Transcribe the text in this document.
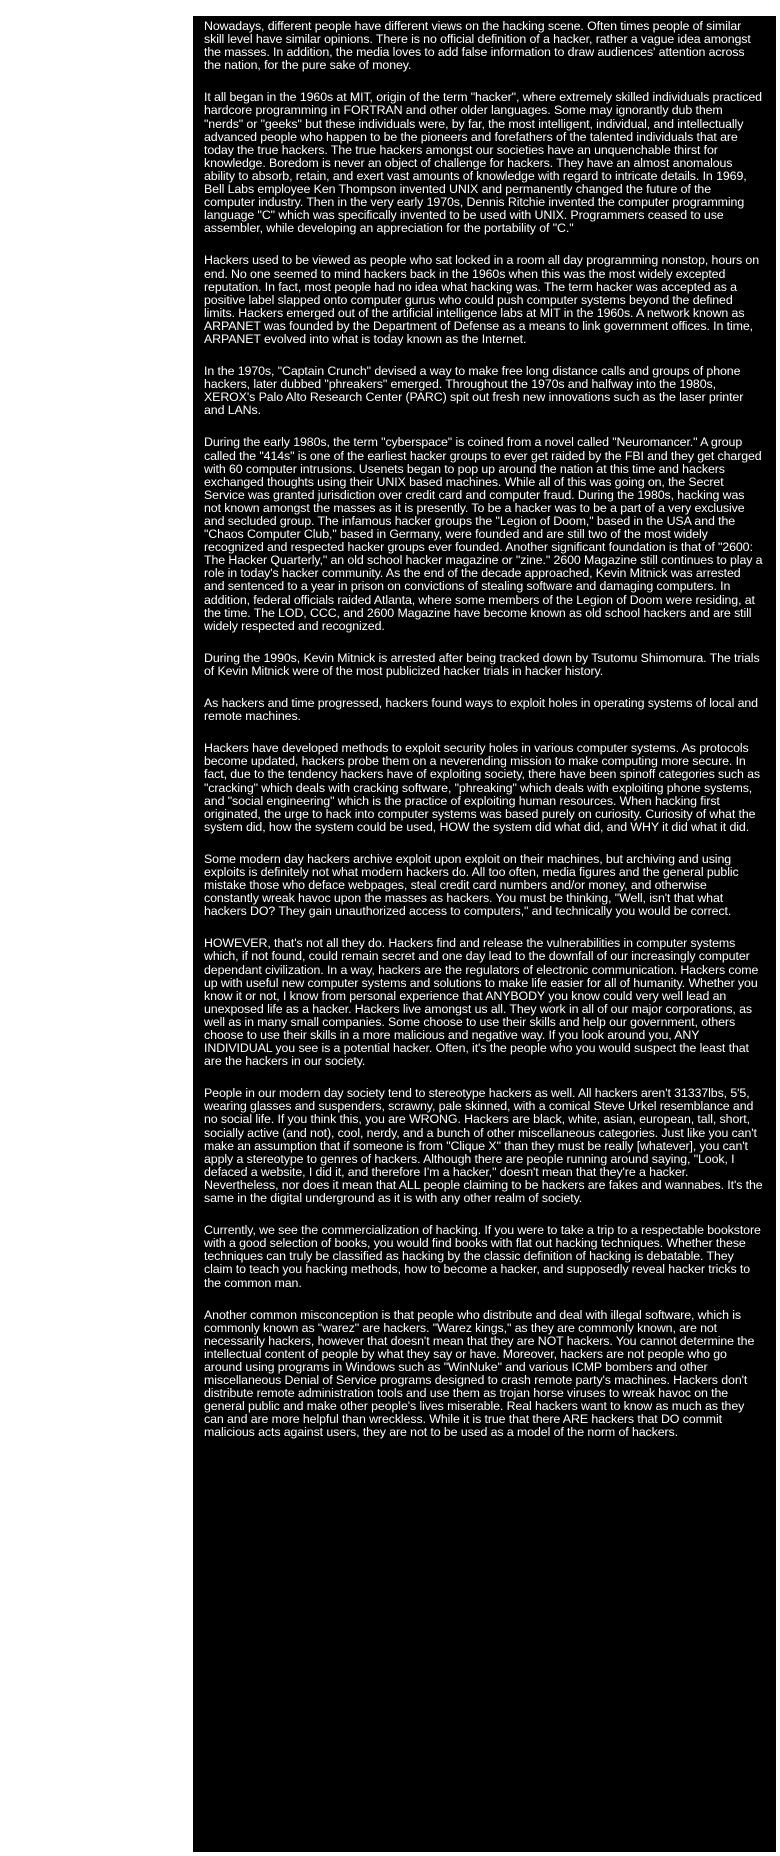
Nowadays, different people have different views on the hacking scene. Often times people of similar skill level have similar opinions. There is no official definition of a hacker, rather a vague idea amongst the masses. In addition, the media loves to add false information to draw audiences' attention across the nation, for the pure sake of money.

It all began in the 1960s at MIT, origin of the term "hacker", where extremely skilled individuals practiced hardcore programming in FORTRAN and other older languages. Some may ignorantly dub them "nerds" or "geeks" but these individuals were, by far, the most intelligent, individual, and intellectually advanced people who happen to be the pioneers and forefathers of the talented individuals that are today the true hackers. The true hackers amongst our societies have an unquenchable thirst for knowledge. Boredom is never an object of challenge for hackers. They have an almost anomalous ability to absorb, retain, and exert vast amounts of knowledge with regard to intricate details. In 1969, Bell Labs employee Ken Thompson invented UNIX and permanently changed the future of the computer industry. Then in the very early 1970s, Dennis Ritchie invented the computer programming language "C" which was specifically invented to be used with UNIX. Programmers ceased to use assembler, while developing an appreciation for the portability of "C."

Hackers used to be viewed as people who sat locked in a room all day programming nonstop, hours on end. No one seemed to mind hackers back in the 1960s when this was the most widely excepted reputation. In fact, most people had no idea what hacking was. The term hacker was accepted as a positive label slapped onto computer gurus who could push computer systems beyond the defined limits. Hackers emerged out of the artificial intelligence labs at MIT in the 1960s. A network known as ARPANET was founded by the Department of Defense as a means to link government offices. In time, ARPANET evolved into what is today known as the Internet.

In the 1970s, "Captain Crunch" devised a way to make free long distance calls and groups of phone hackers, later dubbed "phreakers" emerged. Throughout the 1970s and halfway into the 1980s, XEROX's Palo Alto Research Center (PARC) spit out fresh new innovations such as the laser printer and LANs.

During the early 1980s, the term "cyberspace" is coined from a novel called "Neuromancer." A group called the "414s" is one of the earliest hacker groups to ever get raided by the FBI and they get charged with 60 computer intrusions. Usenets began to pop up around the nation at this time and hackers exchanged thoughts using their UNIX based machines. While all of this was going on, the Secret Service was granted jurisdiction over credit card and computer fraud. During the 1980s, hacking was not known amongst the masses as it is presently. To be a hacker was to be a part of a very exclusive and secluded group. The infamous hacker groups the "Legion of Doom," based in the USA and the "Chaos Computer Club," based in Germany, were founded and are still two of the most widely recognized and respected hacker groups ever founded. Another significant foundation is that of "2600: The Hacker Quarterly," an old school hacker magazine or "zine." 2600 Magazine still continues to play a role in today's hacker community. As the end of the decade approached, Kevin Mitnick was arrested and sentenced to a year in prison on convictions of stealing software and damaging computers. In addition, federal officials raided Atlanta, where some members of the Legion of Doom were residing, at the time. The LOD, CCC, and 2600 Magazine have become known as old school hackers and are still widely respected and recognized.

During the 1990s, Kevin Mitnick is arrested after being tracked down by Tsutomu Shimomura. The trials of Kevin Mitnick were of the most publicized hacker trials in hacker history.

As hackers and time progressed, hackers found ways to exploit holes in operating systems of local and remote machines.

Hackers have developed methods to exploit security holes in various computer systems. As protocols become updated, hackers probe them on a neverending mission to make computing more secure. In fact, due to the tendency hackers have of exploiting society, there have been spinoff categories such as "cracking" which deals with cracking software, "phreaking" which deals with exploiting phone systems, and "social engineering" which is the practice of exploiting human resources. When hacking first originated, the urge to hack into computer systems was based purely on curiosity. Curiosity of what the system did, how the system could be used, HOW the system did what did, and WHY it did what it did.

Some modern day hackers archive exploit upon exploit on their machines, but archiving and using exploits is definitely not what modern hackers do. All too often, media figures and the general public mistake those who deface webpages, steal credit card numbers and/or money, and otherwise constantly wreak havoc upon the masses as hackers. You must be thinking, "Well, isn't that what hackers DO? They gain unauthorized access to computers," and technically you would be correct.

HOWEVER, that's not all they do. Hackers find and release the vulnerabilities in computer systems which, if not found, could remain secret and one day lead to the downfall of our increasingly computer dependant civilization. In a way, hackers are the regulators of electronic communication. Hackers come up with useful new computer systems and solutions to make life easier for all of humanity. Whether you know it or not, I know from personal experience that ANYBODY you know could very well lead an unexposed life as a hacker. Hackers live amongst us all. They work in all of our major corporations, as well as in many small companies. Some choose to use their skills and help our government, others choose to use their skills in a more malicious and negative way. If you look around you, ANY INDIVIDUAL you see is a potential hacker. Often, it's the people who you would suspect the least that are the hackers in our society.

People in our modern day society tend to stereotype hackers as well. All hackers aren't 31337lbs, 5'5, wearing glasses and suspenders, scrawny, pale skinned, with a comical Steve Urkel resemblance and no social life. If you think this, you are WRONG. Hackers are black, white, asian, european, tall, short, socially active (and not), cool, nerdy, and a bunch of other miscellaneous categories. Just like you can't make an assumption that if someone is from "Clique X" than they must be really [whatever], you can't apply a stereotype to genres of hackers. Although there are people running around saying, "Look, I defaced a website, I did it, and therefore I'm a hacker," doesn't mean that they're a hacker. Nevertheless, nor does it mean that ALL people claiming to be hackers are fakes and wannabes. It's the same in the digital underground as it is with any other realm of society.

Currently, we see the commercialization of hacking. If you were to take a trip to a respectable bookstore with a good selection of books, you would find books with flat out hacking techniques. Whether these techniques can truly be classified as hacking by the classic definition of hacking is debatable. They claim to teach you hacking methods, how to become a hacker, and supposedly reveal hacker tricks to the common man.

Another common misconception is that people who distribute and deal with illegal software, which is commonly known as "warez" are hackers. "Warez kings," as they are commonly known, are not necessarily hackers, however that doesn't mean that they are NOT hackers. You cannot determine the intellectual content of people by what they say or have. Moreover, hackers are not people who go around using programs in Windows such as "WinNuke" and various ICMP bombers and other miscellaneous Denial of Service programs designed to crash remote party's machines. Hackers don't distribute remote administration tools and use them as trojan horse viruses to wreak havoc on the general public and make other people's lives miserable. Real hackers want to know as much as they can and are more helpful than wreckless. While it is true that there ARE hackers that DO commit malicious acts against users, they are not to be used as a model of the norm of hackers.
